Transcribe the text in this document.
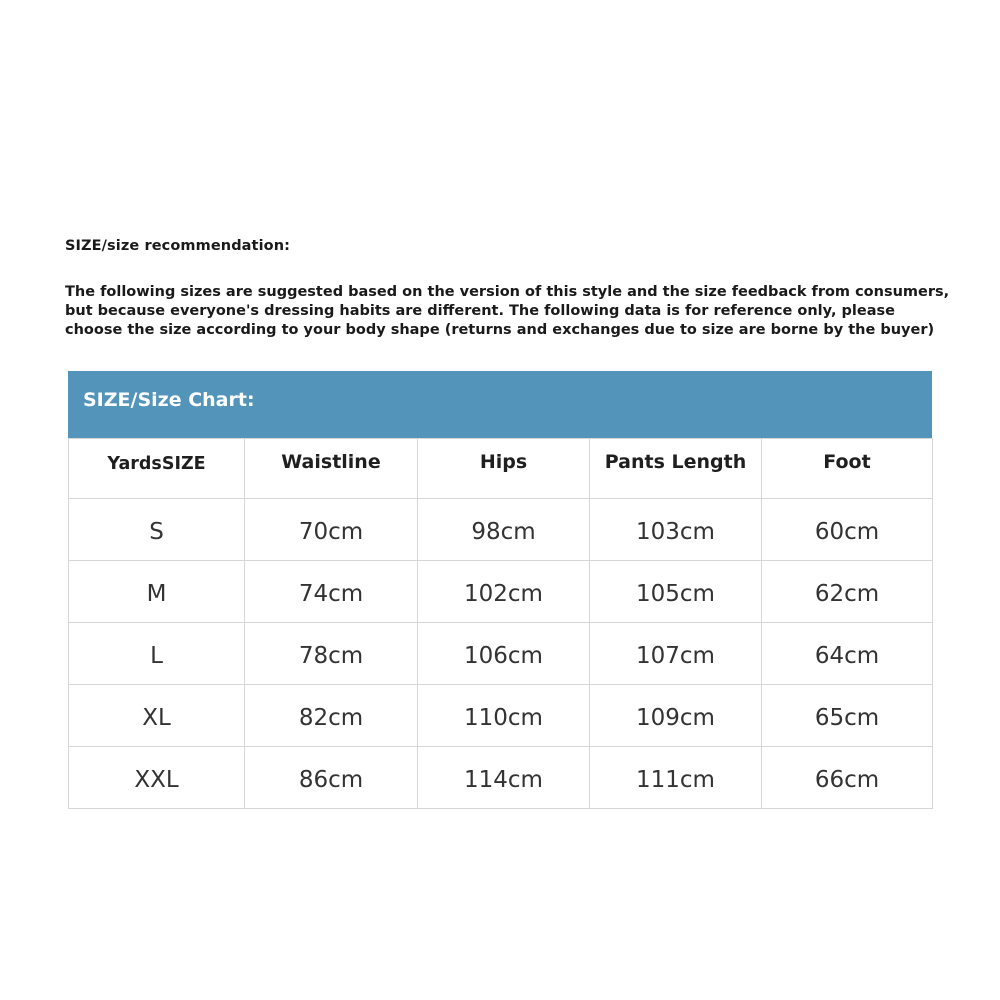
SIZE/size recommendation:

The following sizes are suggested based on the version of this style and the size feedback from consumers,
but because everyone's dressing habits are different. The following data is for reference only, please
choose the size according to your body shape (returns and exchanges due to size are borne by the buyer)

SIZE/Size Chart:
YardsSIZE	Waistline	Hips	Pants Length	Foot
S	70cm	98cm	103cm	60cm
M	74cm	102cm	105cm	62cm
L	78cm	106cm	107cm	64cm
XL	82cm	110cm	109cm	65cm
XXL	86cm	114cm	111cm	66cm
